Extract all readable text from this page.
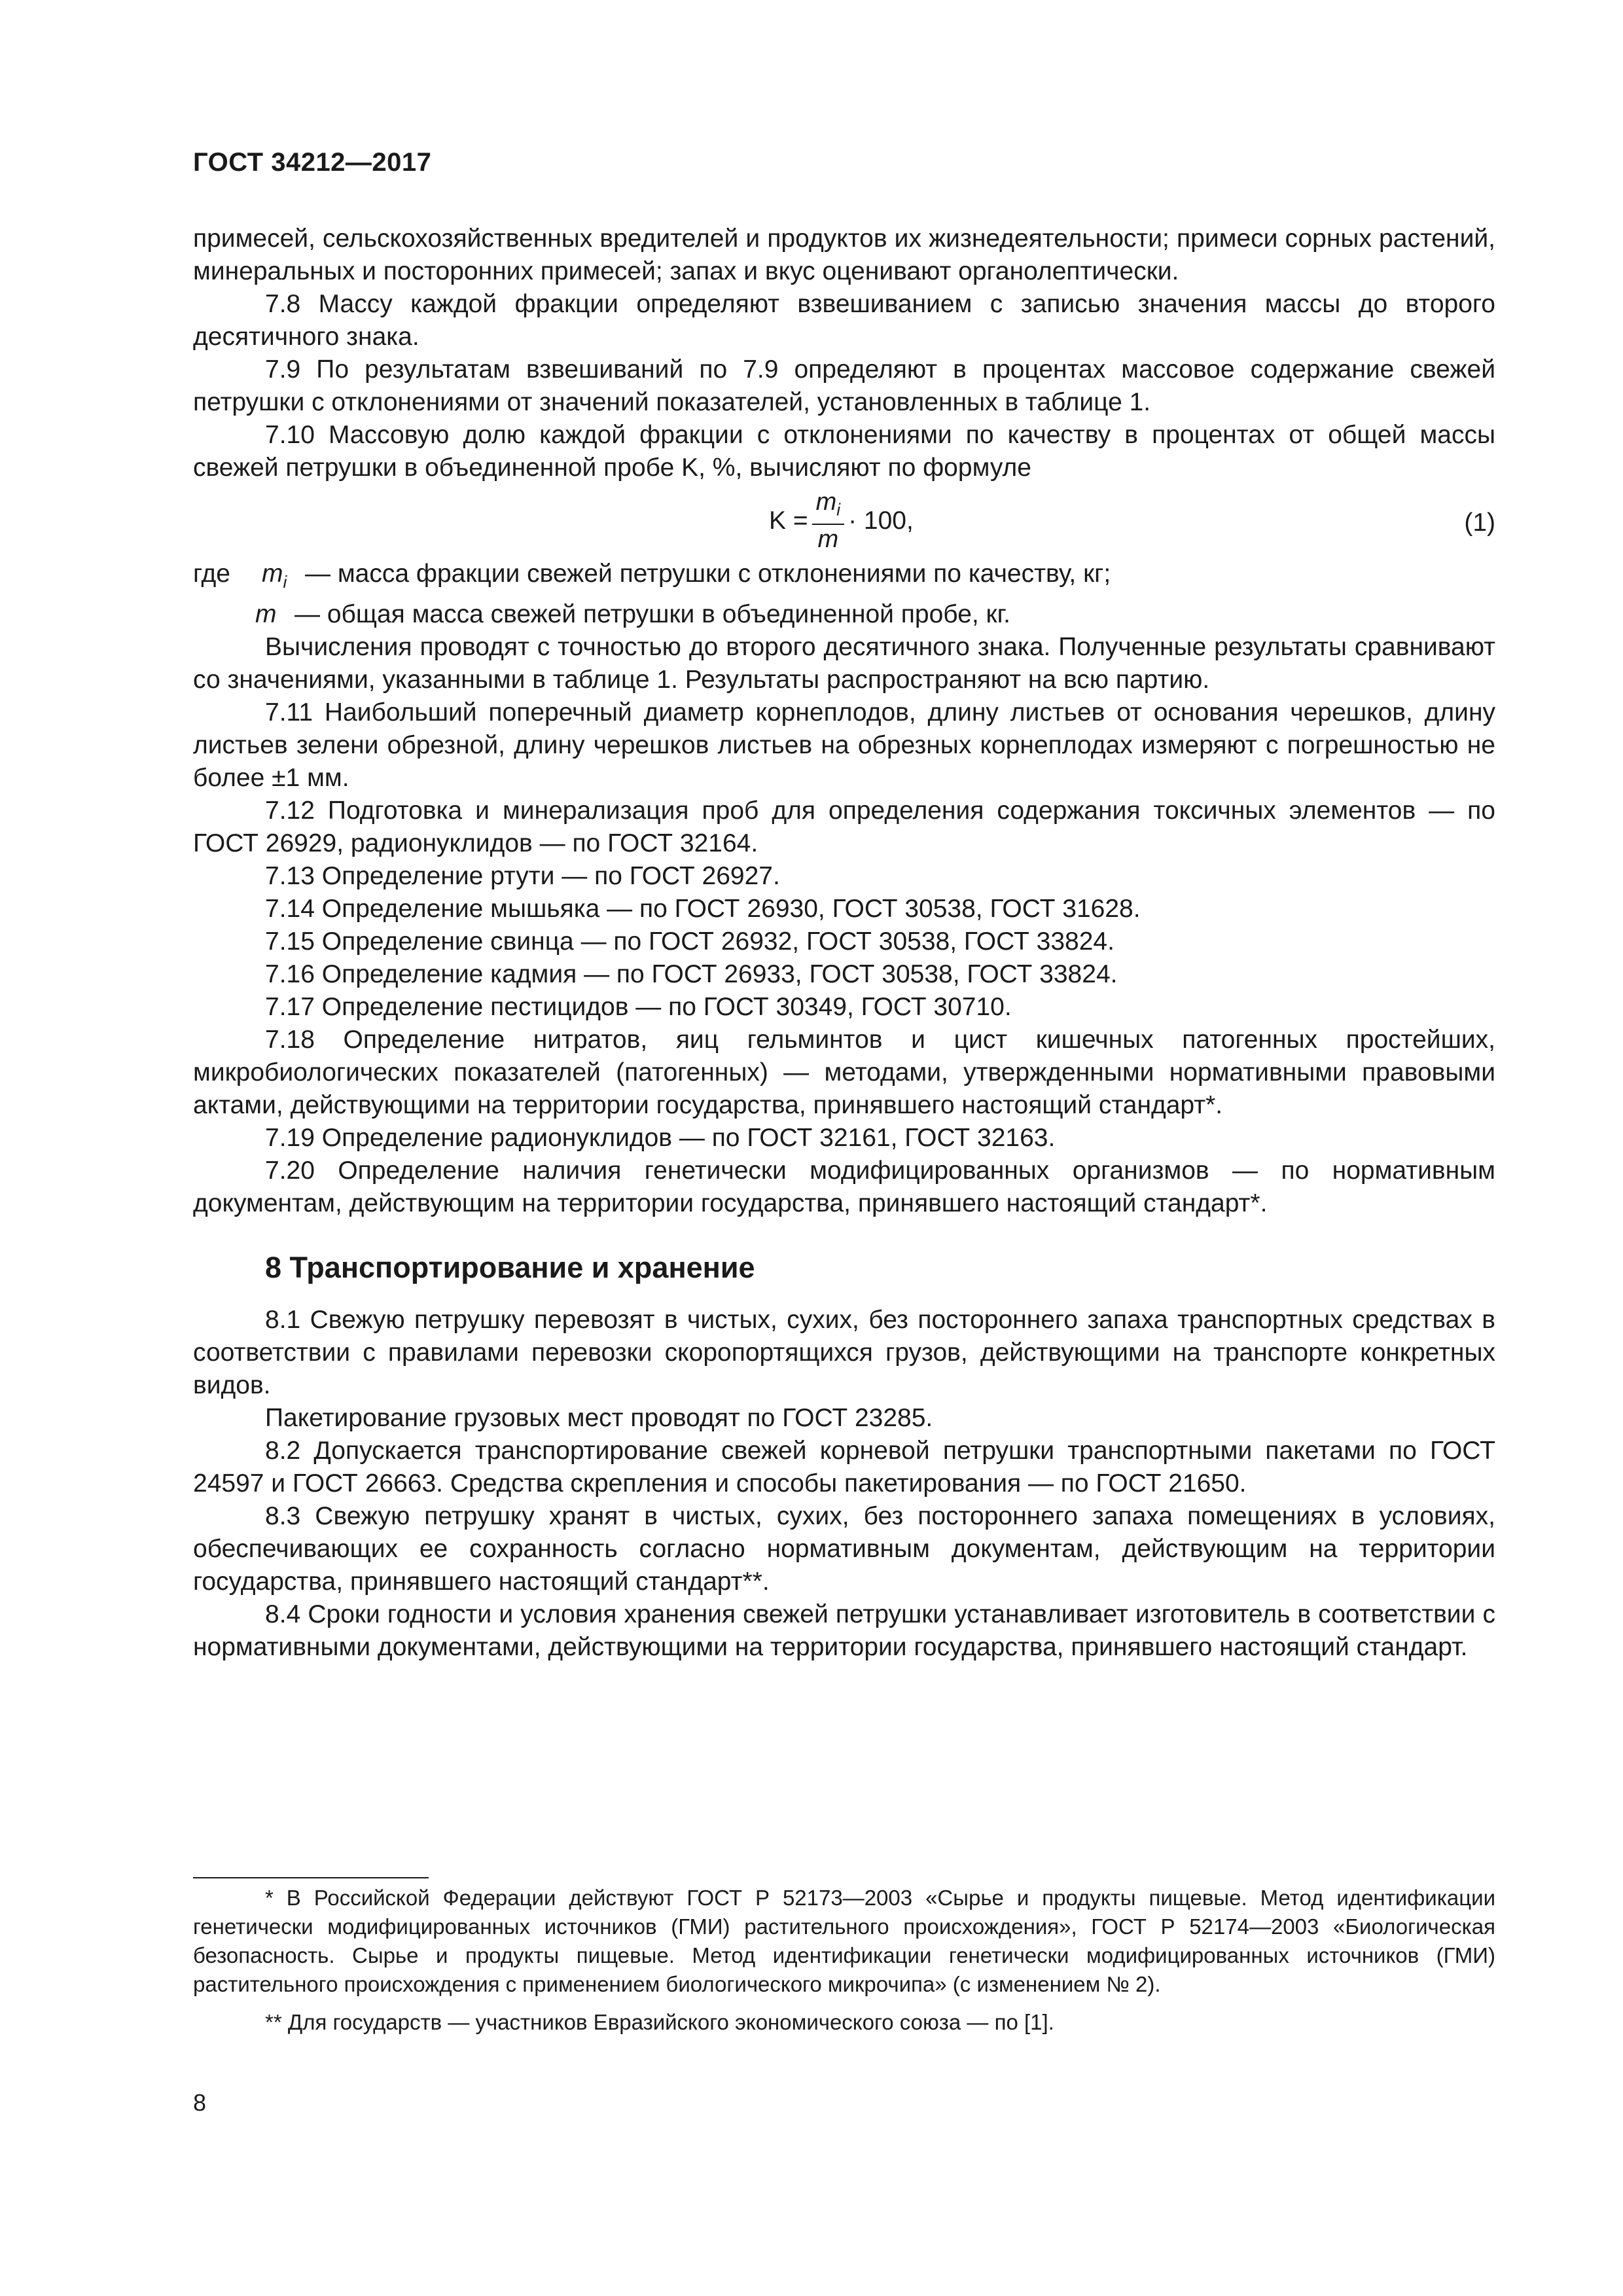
ГОСТ 34212—2017

примесей, сельскохозяйственных вредителей и продуктов их жизнедеятельности; примеси сорных растений, минеральных и посторонних примесей; запах и вкус оценивают органолептически.

7.8 Массу каждой фракции определяют взвешиванием с записью значения массы до второго десятичного знака.

7.9 По результатам взвешиваний по 7.9 определяют в процентах массовое содержание свежей петрушки с отклонениями от значений показателей, установленных в таблице 1.

7.10 Массовую долю каждой фракции с отклонениями по качеству в процентах от общей массы свежей петрушки в объединенной пробе K, %, вычисляют по формуле

$K = \frac{m_i}{m} \cdot 100$,	(1)
где	$m_i$ — масса фракции свежей петрушки с отклонениями по качеству, кг;
m — общая масса свежей петрушки в объединенной пробе, кг.

Вычисления проводят с точностью до второго десятичного знака. Полученные результаты сравнивают со значениями, указанными в таблице 1. Результаты распространяют на всю партию.

7.11 Наибольший поперечный диаметр корнеплодов, длину листьев от основания черешков, длину листьев зелени обрезной, длину черешков листьев на обрезных корнеплодах измеряют с погрешностью не более ±1 мм.

7.12 Подготовка и минерализация проб для определения содержания токсичных элементов — по ГОСТ 26929, радионуклидов — по ГОСТ 32164.

7.13 Определение ртути — по ГОСТ 26927.

7.14 Определение мышьяка — по ГОСТ 26930, ГОСТ 30538, ГОСТ 31628.

7.15 Определение свинца — по ГОСТ 26932, ГОСТ 30538, ГОСТ 33824.

7.16 Определение кадмия — по ГОСТ 26933, ГОСТ 30538, ГОСТ 33824.

7.17 Определение пестицидов — по ГОСТ 30349, ГОСТ 30710.

7.18 Определение нитратов, яиц гельминтов и цист кишечных патогенных простейших, микробиологических показателей (патогенных) — методами, утвержденными нормативными правовыми актами, действующими на территории государства, принявшего настоящий стандарт*.

7.19 Определение радионуклидов — по ГОСТ 32161, ГОСТ 32163.

7.20 Определение наличия генетически модифицированных организмов — по нормативным документам, действующим на территории государства, принявшего настоящий стандарт*.

8 Транспортирование и хранение

8.1 Свежую петрушку перевозят в чистых, сухих, без постороннего запаха транспортных средствах в соответствии с правилами перевозки скоропортящихся грузов, действующими на транспорте конкретных видов.

Пакетирование грузовых мест проводят по ГОСТ 23285.

8.2 Допускается транспортирование свежей корневой петрушки транспортными пакетами по ГОСТ 24597 и ГОСТ 26663. Средства скрепления и способы пакетирования — по ГОСТ 21650.

8.3 Свежую петрушку хранят в чистых, сухих, без постороннего запаха помещениях в условиях, обеспечивающих ее сохранность согласно нормативным документам, действующим на территории государства, принявшего настоящий стандарт**.

8.4 Сроки годности и условия хранения свежей петрушки устанавливает изготовитель в соответствии с нормативными документами, действующими на территории государства, принявшего настоящий стандарт.

* В Российской Федерации действуют ГОСТ Р 52173—2003 «Сырье и продукты пищевые. Метод идентификации генетически модифицированных источников (ГМИ) растительного происхождения», ГОСТ Р 52174—2003 «Биологическая безопасность. Сырье и продукты пищевые. Метод идентификации генетически модифицированных источников (ГМИ) растительного происхождения с применением биологического микрочипа» (с изменением № 2).

** Для государств — участников Евразийского экономического союза — по [1].

8
